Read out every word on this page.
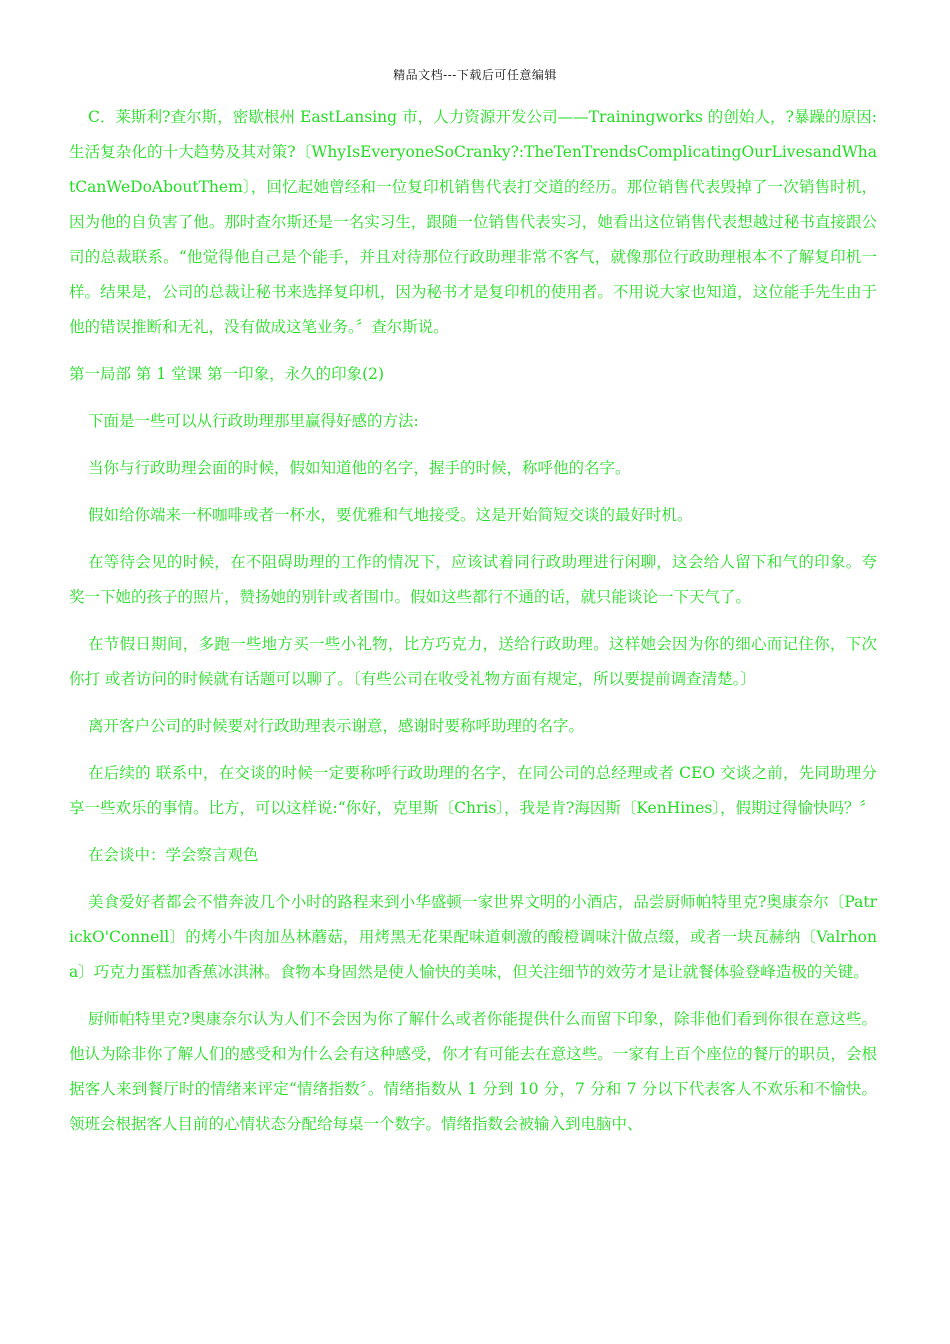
精品文档---下载后可任意编辑

C．莱斯利?查尔斯，密歇根州 EastLansing 市，人力资源开发公司——Trainingworks 的创始人，?暴躁的原因:生活复杂化的十大趋势及其对策?〔WhyIsEveryoneSoCranky?:TheTenTrendsComplicatingOurLivesandWhatCanWeDoAboutThem〕，回忆起她曾经和一位复印机销售代表打交道的经历。那位销售代表毁掉了一次销售时机，因为他的自负害了他。那时查尔斯还是一名实习生，跟随一位销售代表实习，她看出这位销售代表想越过秘书直接跟公司的总裁联系。“他觉得他自己是个能手，并且对待那位行政助理非常不客气，就像那位行政助理根本不了解复印机一样。结果是，公司的总裁让秘书来选择复印机，因为秘书才是复印机的使用者。不用说大家也知道，这位能手先生由于他的错误推断和无礼，没有做成这笔业务。〞查尔斯说。

第一局部 第 1 堂课 第一印象，永久的印象(2)

下面是一些可以从行政助理那里赢得好感的方法:

当你与行政助理会面的时候，假如知道他的名字，握手的时候，称呼他的名字。

假如给你端来一杯咖啡或者一杯水，要优雅和气地接受。这是开始简短交谈的最好时机。

在等待会见的时候，在不阻碍助理的工作的情况下，应该试着同行政助理进行闲聊，这会给人留下和气的印象。夸奖一下她的孩子的照片，赞扬她的别针或者围巾。假如这些都行不通的话，就只能谈论一下天气了。

在节假日期间，多跑一些地方买一些小礼物，比方巧克力，送给行政助理。这样她会因为你的细心而记住你，下次你打 或者访问的时候就有话题可以聊了。〔有些公司在收受礼物方面有规定，所以要提前调查清楚。〕

离开客户公司的时候要对行政助理表示谢意，感谢时要称呼助理的名字。

在后续的 联系中，在交谈的时候一定要称呼行政助理的名字，在同公司的总经理或者 CEO 交谈之前，先同助理分享一些欢乐的事情。比方，可以这样说:“你好，克里斯〔Chris〕，我是肯?海因斯〔KenHines〕，假期过得愉快吗？〞

在会谈中：学会察言观色

美食爱好者都会不惜奔波几个小时的路程来到小华盛顿一家世界文明的小酒店，品尝厨师帕特里克?奥康奈尔〔PatrickO'Connell〕的烤小牛肉加丛林蘑菇，用烤黑无花果配味道刺激的酸橙调味汁做点缀，或者一块瓦赫纳〔Valrhona〕巧克力蛋糕加香蕉冰淇淋。食物本身固然是使人愉快的美味，但关注细节的效劳才是让就餐体验登峰造极的关键。

厨师帕特里克?奥康奈尔认为人们不会因为你了解什么或者你能提供什么而留下印象，除非他们看到你很在意这些。他认为除非你了解人们的感受和为什么会有这种感受，你才有可能去在意这些。一家有上百个座位的餐厅的职员，会根据客人来到餐厅时的情绪来评定“情绪指数〞。情绪指数从 1 分到 10 分，7 分和 7 分以下代表客人不欢乐和不愉快。领班会根据客人目前的心情状态分配给每桌一个数字。情绪指数会被输入到电脑中、
